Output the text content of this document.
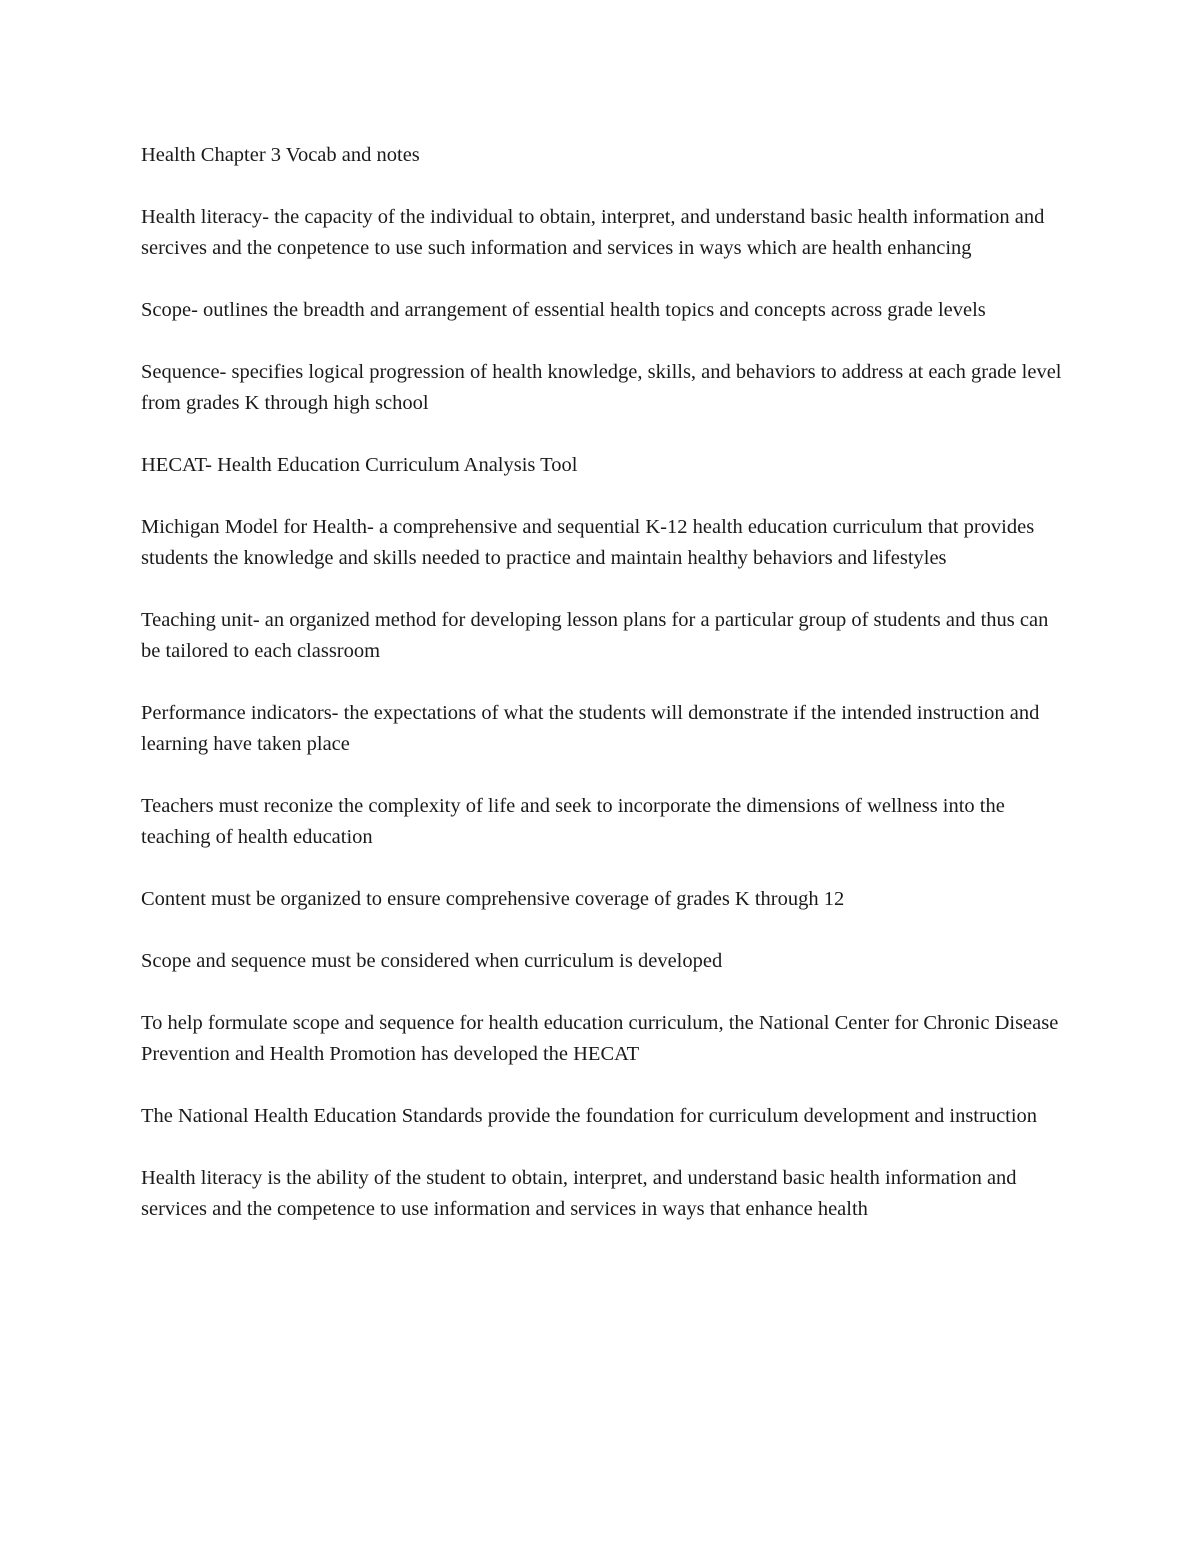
Health Chapter 3 Vocab and notes

Health literacy- the capacity of the individual to obtain, interpret, and understand basic health information and sercives and the conpetence to use such information and services in ways which are health enhancing

Scope- outlines the breadth and arrangement of essential health topics and concepts across grade levels

Sequence- specifies logical progression of health knowledge, skills, and behaviors to address at each grade level from grades K through high school

HECAT- Health Education Curriculum Analysis Tool

Michigan Model for Health- a comprehensive and sequential K-12 health education curriculum that provides students the knowledge and skills needed to practice and maintain healthy behaviors and lifestyles

Teaching unit- an organized method for developing lesson plans for a particular group of students and thus can be tailored to each classroom

Performance indicators- the expectations of what the students will demonstrate if the intended instruction and learning have taken place

Teachers must reconize the complexity of life and seek to incorporate the dimensions of wellness into the teaching of health education

Content must be organized to ensure comprehensive coverage of grades K through 12

Scope and sequence must be considered when curriculum is developed

To help formulate scope and sequence for health education curriculum, the National Center for Chronic Disease Prevention and Health Promotion has developed the HECAT

The National Health Education Standards provide the foundation for curriculum development and instruction

Health literacy is the ability of the student to obtain, interpret, and understand basic health information and services and the competence to use information and services in ways that enhance health
